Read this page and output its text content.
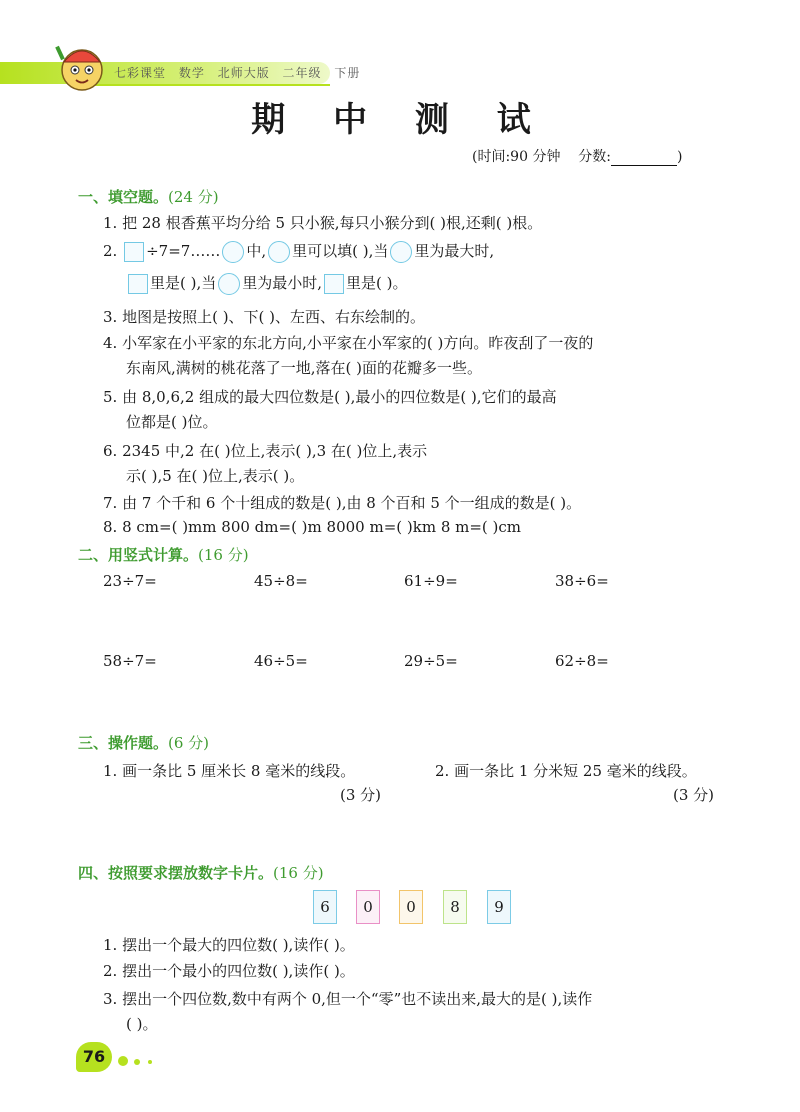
七彩课堂 数学 北师大版 二年级 下册
期 中 测 试
(时间:90 分钟 分数:	)
一、填空题。(24 分)
1. 把 28 根香蕉平均分给 5 只小猴,每只小猴分到( )根,还剩( )根。
2. ÷7=7…… 中, 里可以填( ),当 里为最大时,
里是( ),当 里为最小时, 里是( )。
3. 地图是按照上( )、下( )、左西、右东绘制的。
4. 小军家在小平家的东北方向,小平家在小军家的( )方向。昨夜刮了一夜的
东南风,满树的桃花落了一地,落在( )面的花瓣多一些。
5. 由 8,0,6,2 组成的最大四位数是( ),最小的四位数是( ),它们的最高
位都是( )位。
6. 2345 中,2 在( )位上,表示( ),3 在( )位上,表示
示( ),5 在( )位上,表示( )。
7. 由 7 个千和 6 个十组成的数是( ),由 8 个百和 5 个一组成的数是( )。
8. 8 cm=( )mm 800 dm=( )m 8000 m=( )km 8 m=( )cm
二、用竖式计算。(16 分)
23÷7=	45÷8=	61÷9=	38÷6=
58÷7=	46÷5=	29÷5=	62÷8=
三、操作题。(6 分)
1. 画一条比 5 厘米长 8 毫米的线段。
(3 分)
2. 画一条比 1 分米短 25 毫米的线段。
(3 分)
四、按照要求摆放数字卡片。(16 分)
6	0	0	8	9
1. 摆出一个最大的四位数( ),读作( )。
2. 摆出一个最小的四位数( ),读作( )。
3. 摆出一个四位数,数中有两个 0,但一个“零”也不读出来,最大的是( ),读作
( )。
76
